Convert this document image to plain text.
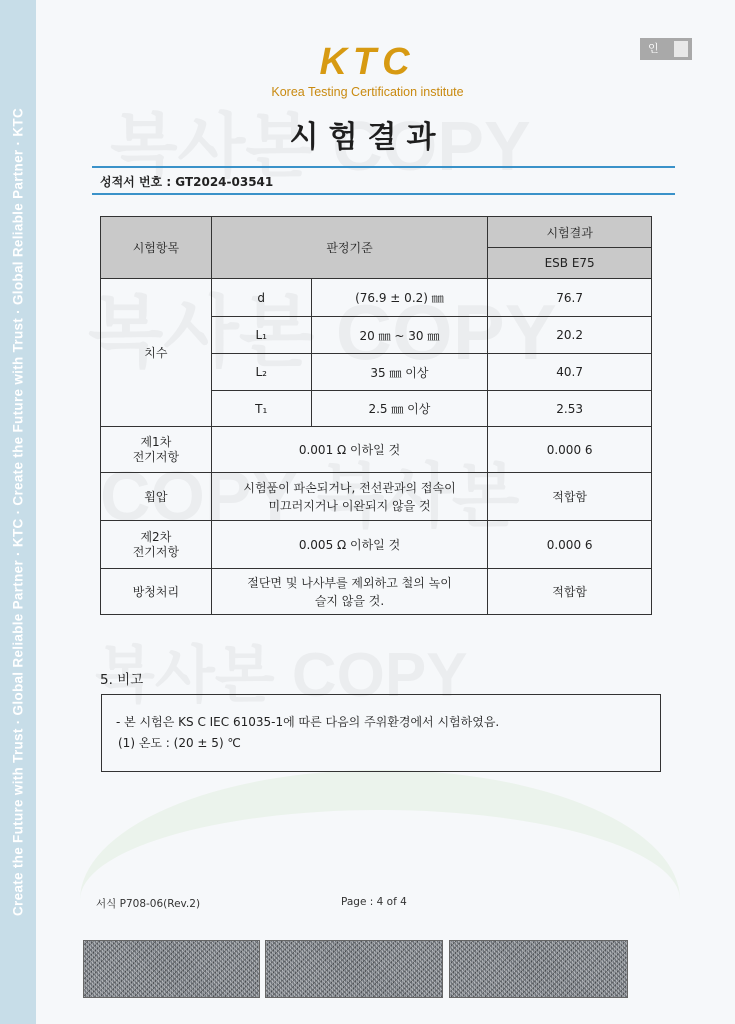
Create the Future with Trust · Global Reliable Partner · KTC · Create the Future with Trust · Global Reliable Partner · KTC
인
KTC
Korea Testing Certification institute
시험결과
성적서 번호 : GT2024-03541
시험항목	판정기준		시험결과
			ESB E75
치수	d	(76.9 ± 0.2) ㎜	76.7
	L₁	20 ㎜ ~ 30 ㎜	20.2
	L₂	35 ㎜ 이상	40.7
	T₁	2.5 ㎜ 이상	2.53
제1차
전기저항	0.001 Ω 이하일 것		0.000 6
휨압	시험품이 파손되거나, 전선관과의 접속이
미끄러지거나 이완되지 않을 것		적합함
제2차
전기저항	0.005 Ω 이하일 것		0.000 6
방청처리	절단면 및 나사부를 제외하고 철의 녹이
슬지 않을 것.		적합함
5. 비고
- 본 시험은 KS C IEC 61035-1에 따른 다음의 주위환경에서 시험하였음.
(1) 온도 : (20 ± 5) ℃
서식 P708-06(Rev.2)	Page : 4 of 4
